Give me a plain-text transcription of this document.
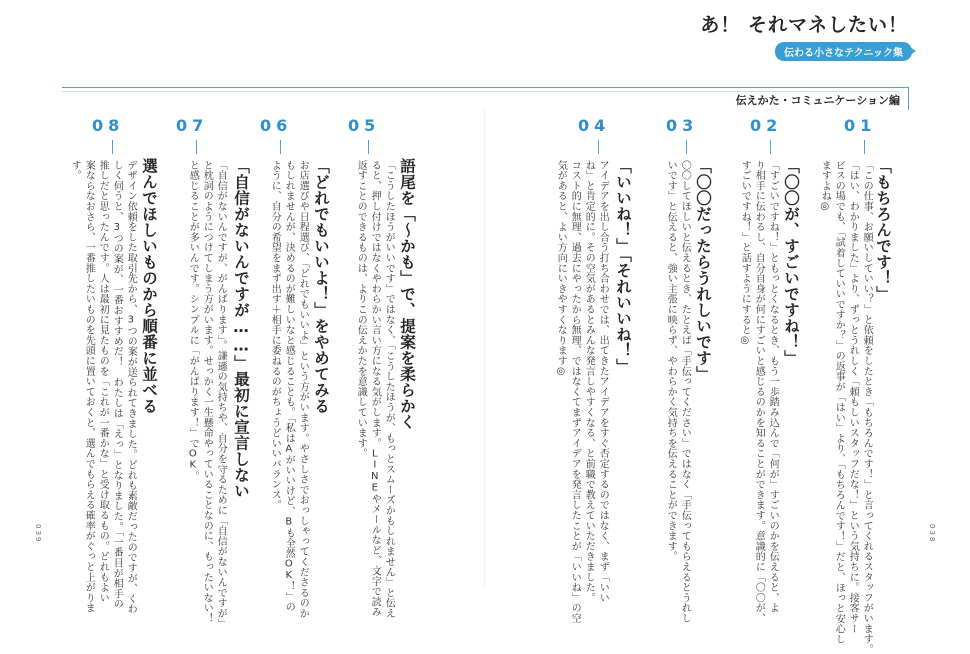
あ！ それマネしたい！
伝わる小さなテクニック集
伝えかた・コミュニケーション編
01
「もちろんです！」
「この仕事、お願いしていい？」と依頼をしたとき「もちろんです！」と言ってくれるスタッフがいます。
「はい、わかりました」より、ずっとうれしく「頼もしいスタッフだな！」という気持ちに。接客サー
ビスの場でも、「試着していいですか？」の返事が「はい」より、「もちろんです！」だと、ほっと安心し
ますよね◎
02
「〇〇が、すごいですね！」
「すごいですね！」ともっとくなるとき、もう一歩踏み込んで「何が」すごいのかを伝えると、よ
り相手に伝わるし、自分自身が何にすごいと感じるのかを知ることができます。意識的に「〇〇が、
すごいですね！」と話すようにすると◎
03
「〇〇だったらうれしいです」
〇〇してほしいと伝えるとき、たとえば「手伝ってください」ではなく「手伝ってもらえるとうれし
いです」と伝えると、強い主張に映らず、やわらかく気持ちを伝えることができます。
04
「いいね！」「それいいね！」
アイデアを出し合う打ち合わせでは、出てきたアイデアをすぐ否定するのではなく、まず「いい
ね」と肯定的に。その空気があるとみんな発言しやすくなる、と前職で教えていただきました。
コスト的に無理、過去にやったから無理、ではなくてまずアイデアを発言したことが「いいね」の空
気があると、よい方向にいきやすくなります◎
05
語尾を「〜かも」で、提案を柔らかく
「こうしたほうがいいです」ではなく、「こうしたほうが、もっとスムーズかもしれません」と伝え
ると、押し付けではなくやわらかい言い方になる気がします。LINEやメールなど、文字で読み
返すことのできるものは、よりこの伝えかたを意識しています。
06
「どれでもいいよ！」をやめてみる
お店選びや日程選び、「どれでもいいよ」という方がいます。やさしさでおっしゃってくださるのか
もしれませんが、決めるのが難しいなと感じることも。「私はAがいいけど、Bも全然OK！」の
ように、自分の希望をまず出す＋相手に委ねるのがちょうどいいバランス。
07
「自信がないんですが……」最初に宣言しない
「自信がないんですが、がんばります」。謙遜の気持ちや、自分を守るために「自信がないんですが」
と枕詞のようにつけてしまう方がいます。せっかく一生懸命やっていることなのに、もったいない！
と感じることが多いんです。シンプルに「がんばります！」でOK。
08
選んでほしいものから順番に並べる
デザイン依頼をした取引先から、3つの案が送られてきました。どれも素敵だったのですが、くわ
しく伺うと、3つの案が、一番おすすめだ！　わたしは「えっ」となりました。「一番目が相手の
推しだと思ったんです。人は最初に見たものを「これが一番かな」と受け取るもの。どれもよい
案ならなおさら、一番推したいものを先頭に置いておくと、選んでもらえる確率がぐっと上がりま
す。
039	038
